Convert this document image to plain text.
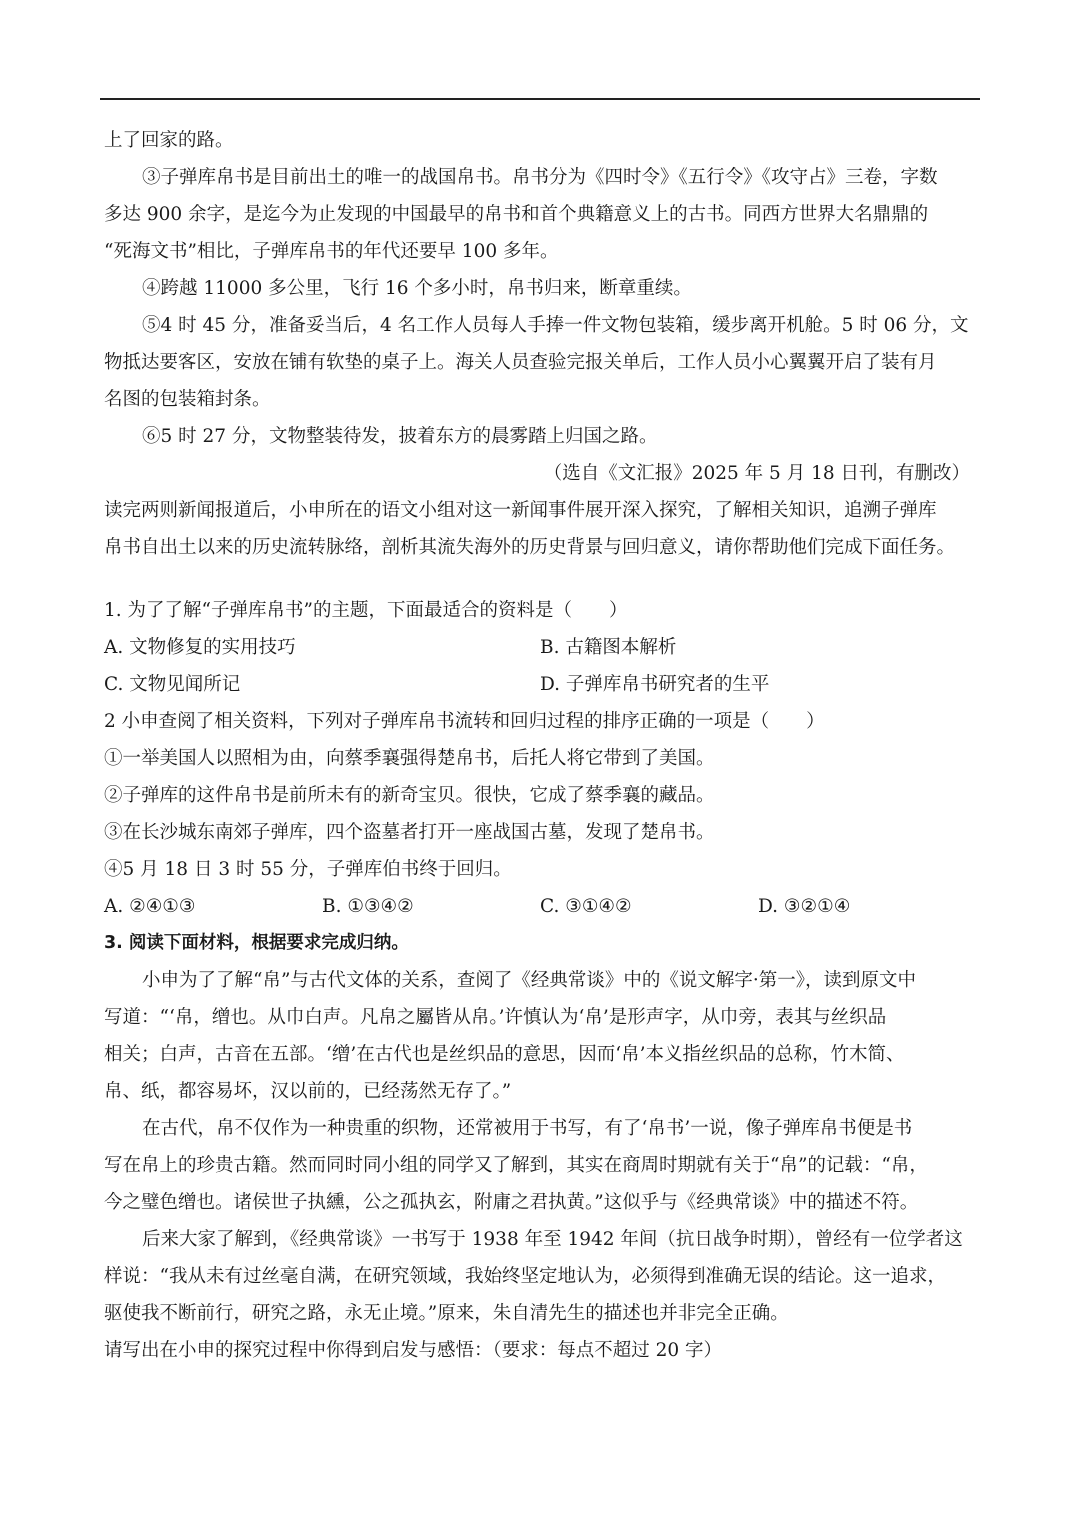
上了回家的路。
③子弹库帛书是目前出土的唯一的战国帛书。帛书分为《四时令》《五行令》《攻守占》三卷，字数
多达 900 余字，是迄今为止发现的中国最早的帛书和首个典籍意义上的古书。同西方世界大名鼎鼎的
“死海文书”相比，子弹库帛书的年代还要早 100 多年。
④跨越 11000 多公里，飞行 16 个多小时，帛书归来，断章重续。
⑤4 时 45 分，准备妥当后，4 名工作人员每人手捧一件文物包装箱，缓步离开机舱。5 时 06 分，文
物抵达要客区，安放在铺有软垫的桌子上。海关人员查验完报关单后，工作人员小心翼翼开启了装有月
名图的包装箱封条。
⑥5 时 27 分，文物整装待发，披着东方的晨雾踏上归国之路。
（选自《文汇报》2025 年 5 月 18 日刊，有删改）
读完两则新闻报道后，小申所在的语文小组对这一新闻事件展开深入探究，了解相关知识，追溯子弹库
帛书自出土以来的历史流转脉络，剖析其流失海外的历史背景与回归意义，请你帮助他们完成下面任务。
1. 为了了解“子弹库帛书”的主题，下面最适合的资料是（　　）
A. 文物修复的实用技巧	B. 古籍图本解析
C. 文物见闻所记	D. 子弹库帛书研究者的生平
2 小申查阅了相关资料，下列对子弹库帛书流转和回归过程的排序正确的一项是（　　）
①一举美国人以照相为由，向蔡季襄强得楚帛书，后托人将它带到了美国。
②子弹库的这件帛书是前所未有的新奇宝贝。很快，它成了蔡季襄的藏品。
③在长沙城东南郊子弹库，四个盗墓者打开一座战国古墓，发现了楚帛书。
④5 月 18 日 3 时 55 分，子弹库伯书终于回归。
A. ②④①③	B. ①③④②	C. ③①④②	D. ③②①④
3. 阅读下面材料，根据要求完成归纳。
小申为了了解“帛”与古代文体的关系，查阅了《经典常谈》中的《说文解字·第一》，读到原文中
写道：“‘帛，缯也。从巾白声。凡帛之屬皆从帛。’许慎认为‘帛’是形声字，从巾旁，表其与丝织品
相关；白声，古音在五部。‘缯’在古代也是丝织品的意思，因而‘帛’本义指丝织品的总称，竹木简、
帛、纸，都容易坏，汉以前的，已经荡然无存了。”
在古代，帛不仅作为一种贵重的织物，还常被用于书写，有了‘帛书’一说，像子弹库帛书便是书
写在帛上的珍贵古籍。然而同时同小组的同学又了解到，其实在商周时期就有关于“帛”的记载：“帛，
今之璧色缯也。诸侯世子执纁，公之孤执玄，附庸之君执黄。”这似乎与《经典常谈》中的描述不符。
后来大家了解到，《经典常谈》一书写于 1938 年至 1942 年间（抗日战争时期），曾经有一位学者这
样说：“我从未有过丝毫自满，在研究领域，我始终坚定地认为，必须得到准确无误的结论。这一追求，
驱使我不断前行，研究之路，永无止境。”原来，朱自清先生的描述也并非完全正确。
请写出在小申的探究过程中你得到启发与感悟：（要求：每点不超过 20 字）
